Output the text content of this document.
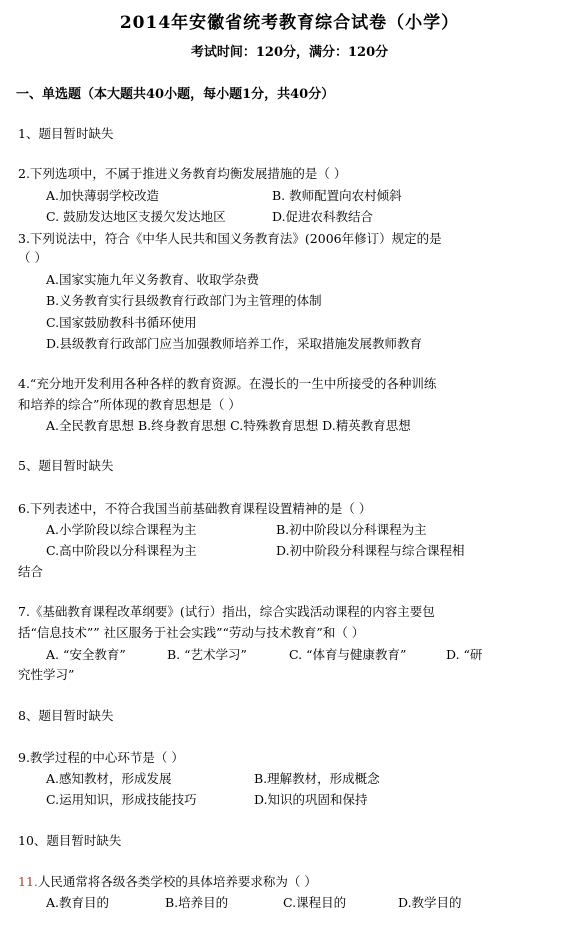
2014年安徽省统考教育综合试卷（小学）
考试时间：120分，满分：120分
一、单选题（本大题共40小题，每小题1分，共40分）
1、题目暂时缺失
2.下列选项中，不属于推进义务教育均衡发展措施的是（ ）
A.加快薄弱学校改造	B. 教师配置向农村倾斜
C. 鼓励发达地区支援欠发达地区	D.促进农科教结合
3.下列说法中，符合《中华人民共和国义务教育法》(2006年修订）规定的是
（ ）
A.国家实施九年义务教育、收取学杂费
B.义务教育实行县级教育行政部门为主管理的体制
C.国家鼓励教科书循环使用
D.县级教育行政部门应当加强教师培养工作，采取措施发展教师教育
4.“充分地开发利用各种各样的教育资源。在漫长的一生中所接受的各种训练
和培养的综合”所体现的教育思想是（ ）
A.全民教育思想 B.终身教育思想 C.特殊教育思想 D.精英教育思想
5、题目暂时缺失
6.下列表述中，不符合我国当前基础教育课程设置精神的是（ ）
A.小学阶段以综合课程为主	B.初中阶段以分科课程为主
C.高中阶段以分科课程为主	D.初中阶段分科课程与综合课程相
结合
7.《基础教育课程改革纲要》(试行）指出，综合实践活动课程的内容主要包
括“信息技术”” 社区服务于社会实践”“劳动与技术教育”和（ ）
A. “安全教育”	B. “艺术学习”	C. “体育与健康教育”	D. “研
究性学习”
8、题目暂时缺失
9.教学过程的中心环节是（ ）
A.感知教材，形成发展	B.理解教材，形成概念
C.运用知识，形成技能技巧	D.知识的巩固和保持
10、题目暂时缺失
11.人民通常将各级各类学校的具体培养要求称为（ ）
A.教育目的	B.培养目的	C.课程目的	D.教学目的
